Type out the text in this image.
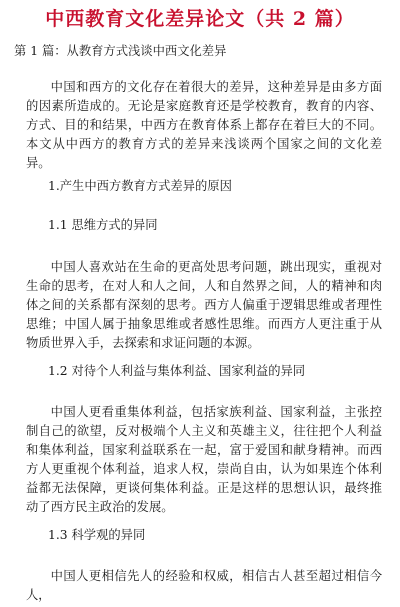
中西教育文化差异论文（共 2 篇）
第 1 篇：从教育方式浅谈中西文化差异

中国和西方的文化存在着很大的差异，这种差异是由多方面的因素所造成的。无论是家庭教育还是学校教育，教育的内容、方式、目的和结果，中西方在教育体系上都存在着巨大的不同。本文从中西方的教育方式的差异来浅谈两个国家之间的文化差异。

1.产生中西方教育方式差异的原因
1.1 思维方式的异同

中国人喜欢站在生命的更高处思考问题，跳出现实，重视对生命的思考，在对人和人之间，人和自然界之间，人的精神和肉体之间的关系都有深刻的思考。西方人偏重于逻辑思维或者理性思维；中国人属于抽象思维或者感性思维。而西方人更注重于从物质世界入手，去探索和求证问题的本源。

1.2 对待个人利益与集体利益、国家利益的异同

中国人更看重集体利益，包括家族利益、国家利益，主张控制自己的欲望，反对极端个人主义和英雄主义，往往把个人利益和集体利益，国家利益联系在一起，富于爱国和献身精神。而西方人更重视个体利益，追求人权，崇尚自由，认为如果连个体利益都无法保障，更谈何集体利益。正是这样的思想认识，最终推动了西方民主政治的发展。

1.3 科学观的异同

中国人更相信先人的经验和权威，相信古人甚至超过相信今人，
